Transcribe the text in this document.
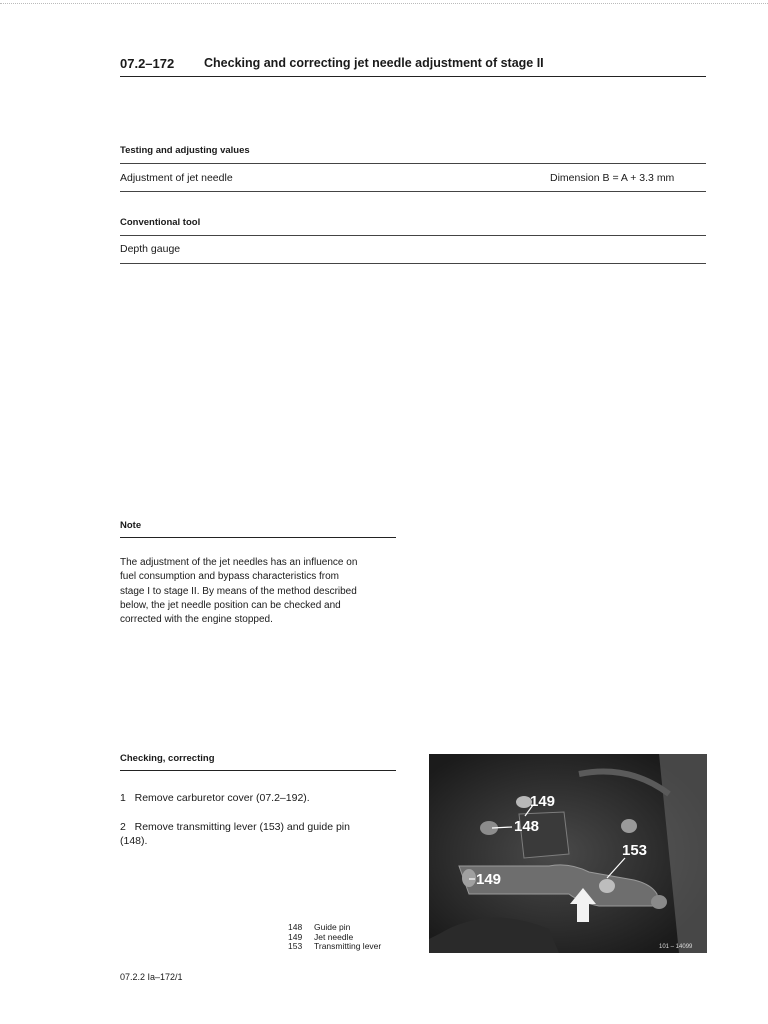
07.2–172 Checking and correcting jet needle adjustment of stage II
Testing and adjusting values
Adjustment of jet needle	Dimension B = A + 3.3 mm
Conventional tool
Depth gauge
Note
The adjustment of the jet needles has an influence on
fuel consumption and bypass characteristics from
stage I to stage II. By means of the method described
below, the jet needle position can be checked and
corrected with the engine stopped.
Checking, correcting
1 Remove carburetor cover (07.2–192).
2 Remove transmitting lever (153) and guide pin
(148).
148	Guide pin
149	Jet needle
153	Transmitting lever
149
148
153
149
101 – 14099
07.2.2 Ia–172/1
